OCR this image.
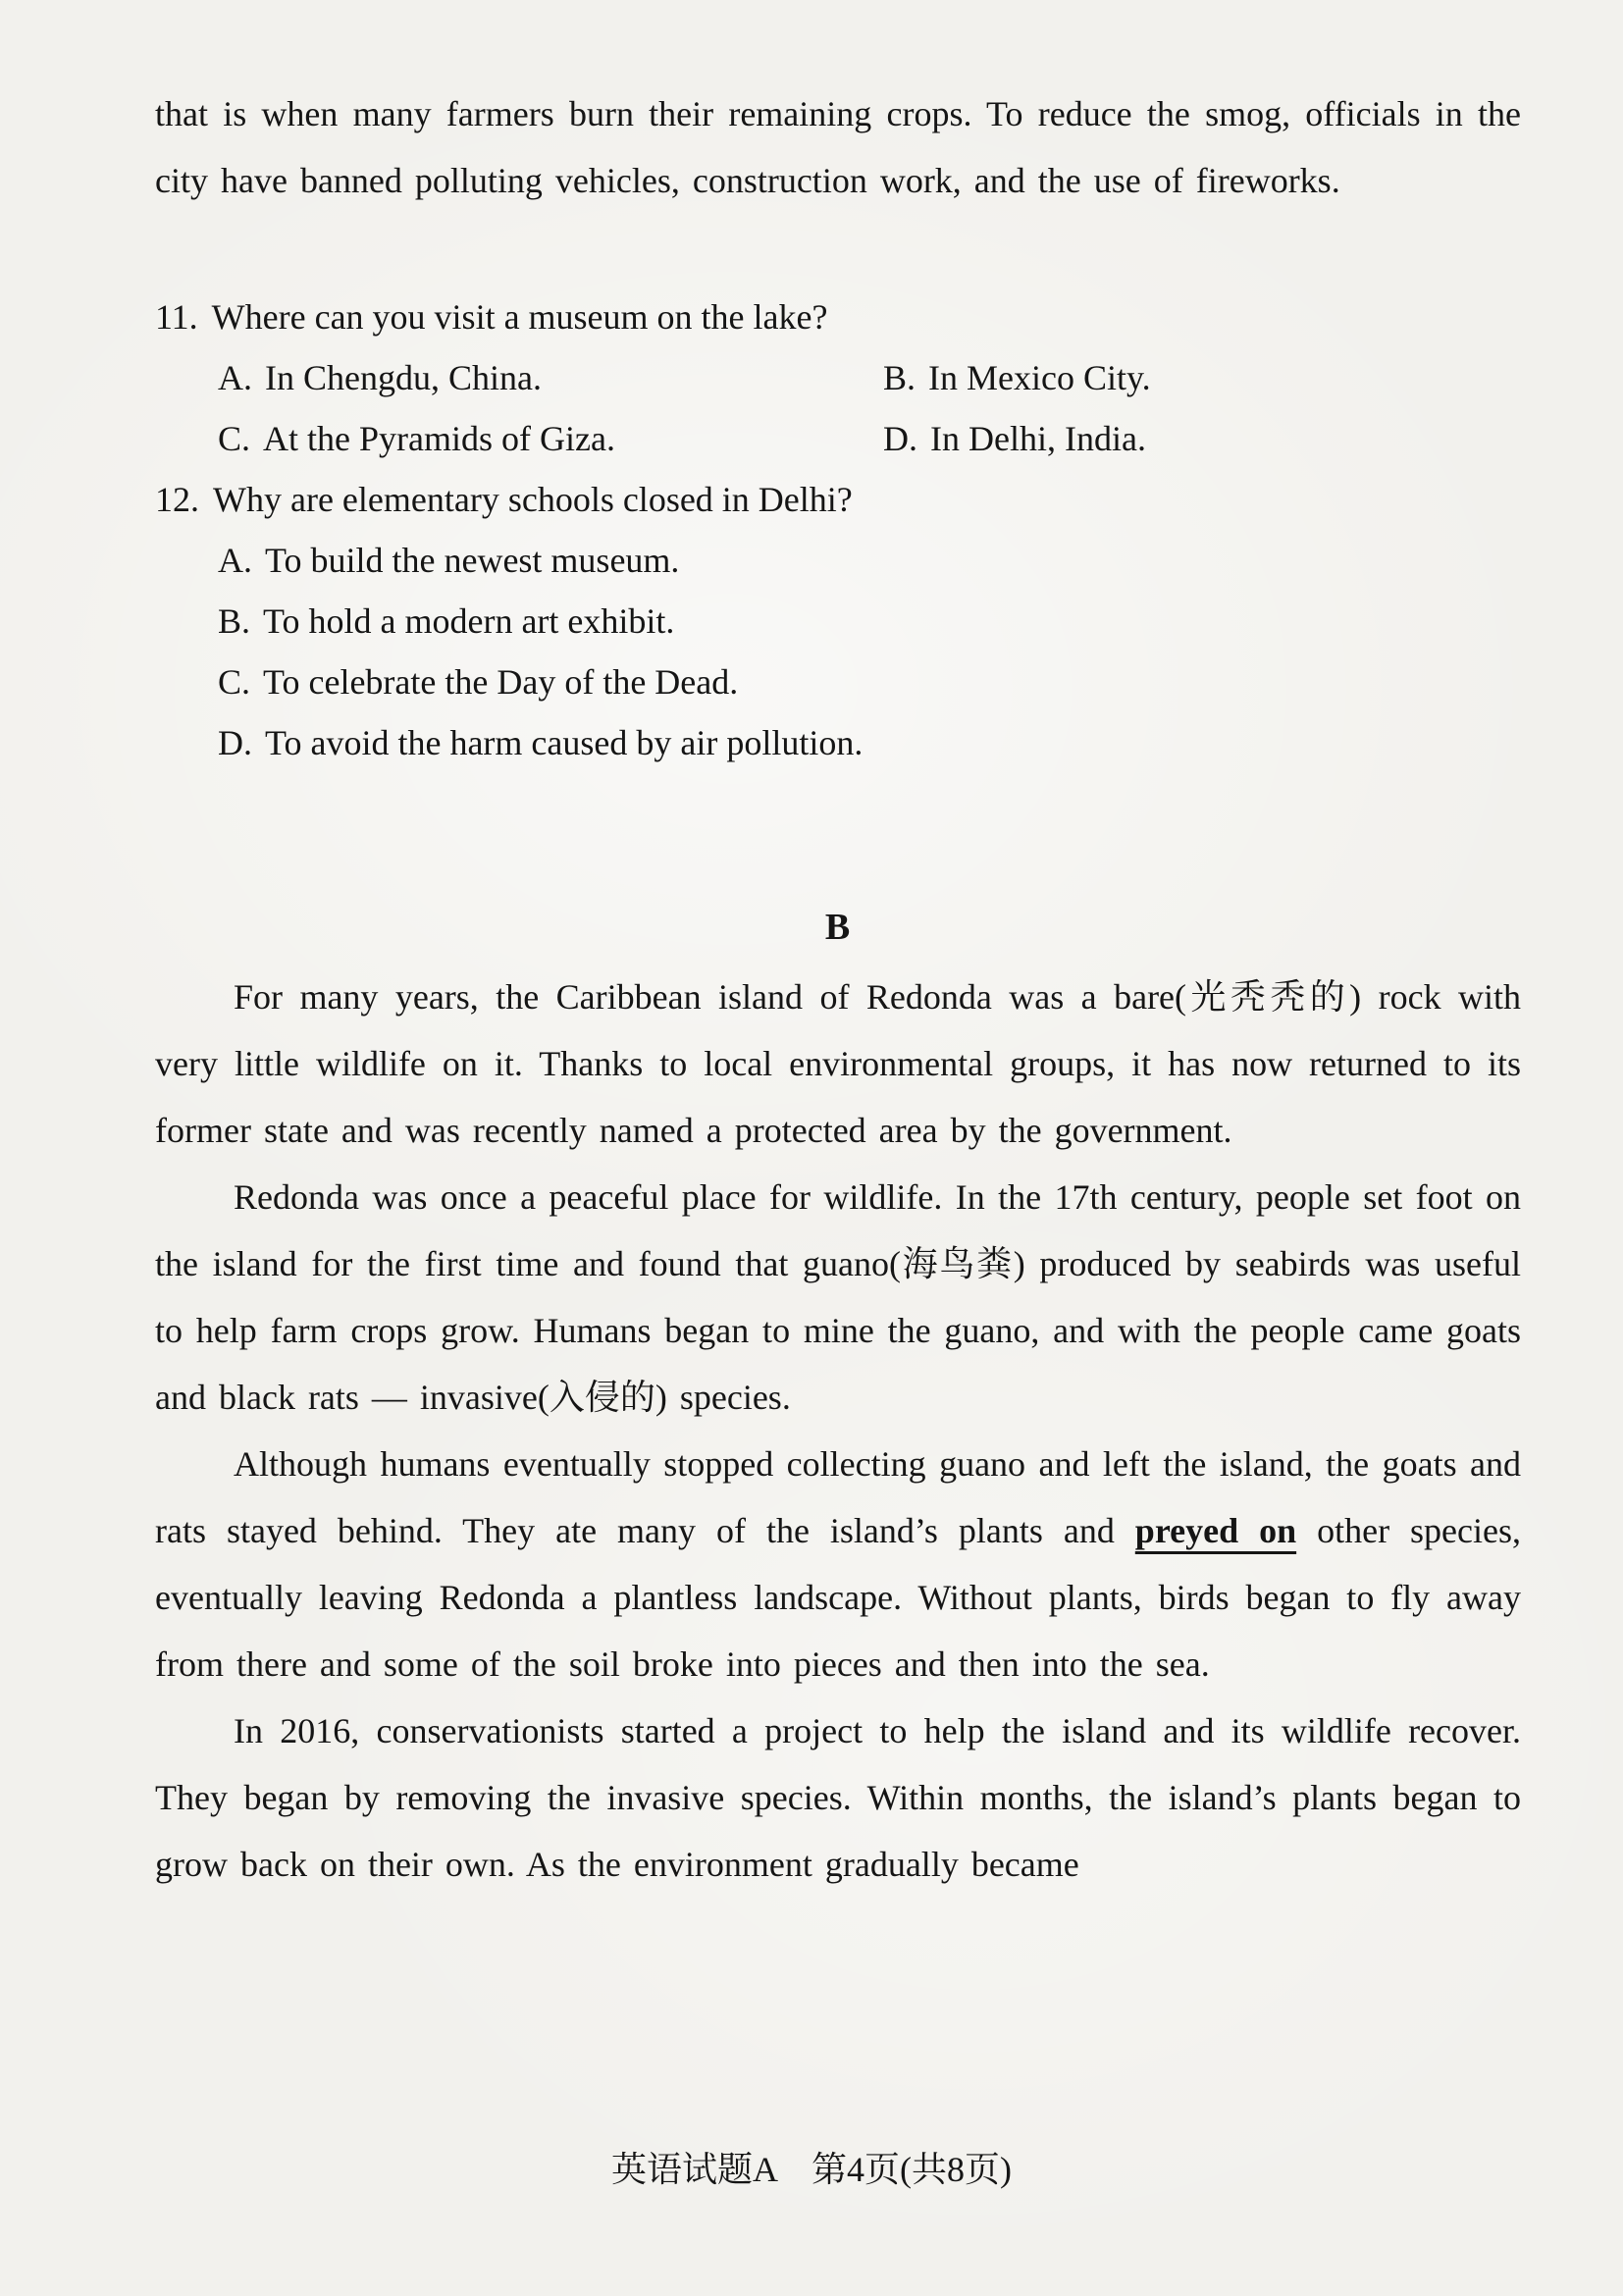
that is when many farmers burn their remaining crops. To reduce the smog, officials in the city have banned polluting vehicles, construction work, and the use of fireworks.

11. Where can you visit a museum on the lake?
A. In Chengdu, China.	B. In Mexico City.
C. At the Pyramids of Giza.	D. In Delhi, India.
12. Why are elementary schools closed in Delhi?
A. To build the newest museum.
B. To hold a modern art exhibit.
C. To celebrate the Day of the Dead.
D. To avoid the harm caused by air pollution.
B

For many years, the Caribbean island of Redonda was a bare(光秃秃的) rock with very little wildlife on it. Thanks to local environmental groups, it has now returned to its former state and was recently named a protected area by the government.

Redonda was once a peaceful place for wildlife. In the 17th century, people set foot on the island for the first time and found that guano(海鸟粪) produced by seabirds was useful to help farm crops grow. Humans began to mine the guano, and with the people came goats and black rats — invasive(入侵的) species.

Although humans eventually stopped collecting guano and left the island, the goats and rats stayed behind. They ate many of the island’s plants and preyed on other species, eventually leaving Redonda a plantless landscape. Without plants, birds began to fly away from there and some of the soil broke into pieces and then into the sea.

In 2016, conservationists started a project to help the island and its wildlife recover. They began by removing the invasive species. Within months, the island’s plants began to grow back on their own. As the environment gradually became

英语试题A　第4页(共8页)
